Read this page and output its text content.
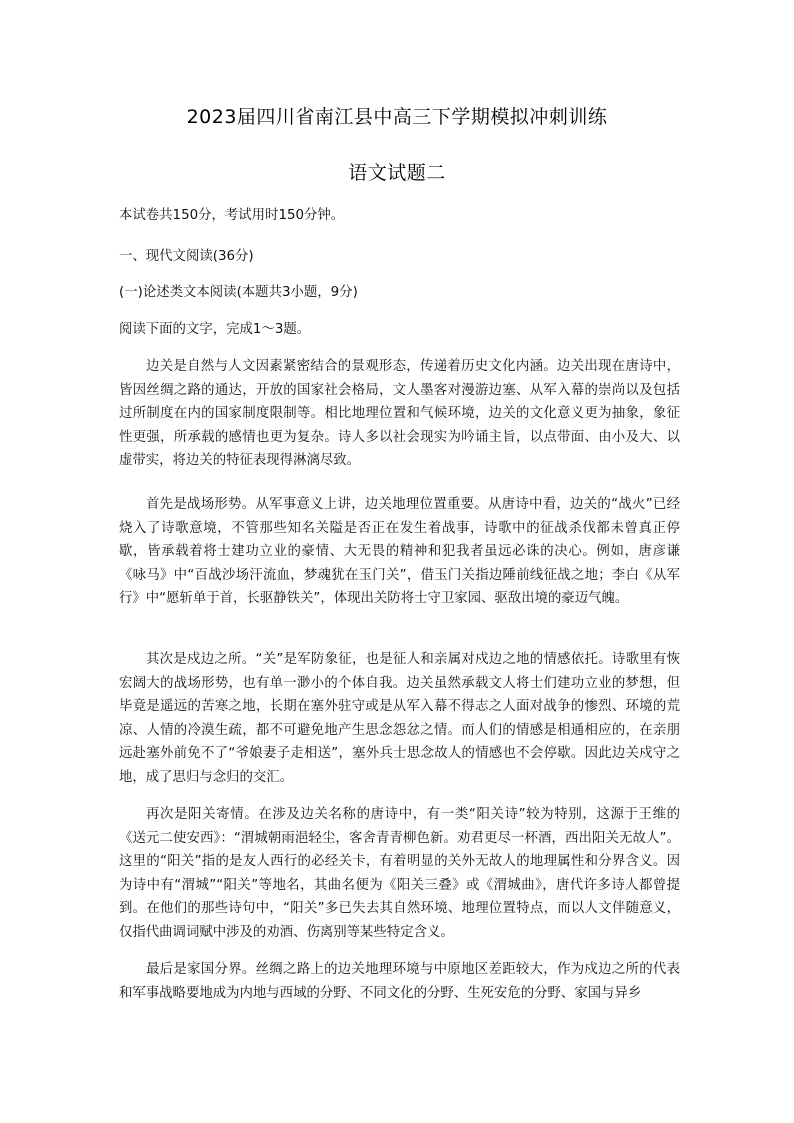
2023届四川省南江县中高三下学期模拟冲刺训练
语文试题二
本试卷共150分，考试用时150分钟。
一、现代文阅读(36分)
(一)论述类文本阅读(本题共3小题，9分)
阅读下面的文字，完成1～3题。
边关是自然与人文因素紧密结合的景观形态，传递着历史文化内涵。边关出现在唐诗中，皆因丝绸之路的通达，开放的国家社会格局，文人墨客对漫游边塞、从军入幕的崇尚以及包括过所制度在内的国家制度限制等。相比地理位置和气候环境，边关的文化意义更为抽象，象征性更强，所承载的感情也更为复杂。诗人多以社会现实为吟诵主旨，以点带面、由小及大、以虚带实，将边关的特征表现得淋漓尽致。
首先是战场形势。从军事意义上讲，边关地理位置重要。从唐诗中看，边关的“战火”已经烧入了诗歌意境，不管那些知名关隘是否正在发生着战事，诗歌中的征战杀伐都未曾真正停歇，皆承载着将士建功立业的豪情、大无畏的精神和犯我者虽远必诛的决心。例如，唐彦谦《咏马》中“百战沙场汗流血，梦魂犹在玉门关”，借玉门关指边陲前线征战之地；李白《从军行》中“愿斩单于首，长驱静铁关”，体现出关防将士守卫家园、驱敌出境的豪迈气魄。
其次是戍边之所。“关”是军防象征，也是征人和亲属对戍边之地的情感依托。诗歌里有恢宏阔大的战场形势，也有单一渺小的个体自我。边关虽然承载文人将士们建功立业的梦想，但毕竟是遥远的苦寒之地，长期在塞外驻守或是从军入幕不得志之人面对战争的惨烈、环境的荒凉、人情的冷漠生疏，都不可避免地产生思念怨忿之情。而人们的情感是相通相应的，在亲朋远赴塞外前免不了“爷娘妻子走相送”，塞外兵士思念故人的情感也不会停歇。因此边关戍守之地，成了思归与念归的交汇。
再次是阳关寄情。在涉及边关名称的唐诗中，有一类“阳关诗”较为特别，这源于王维的《送元二使安西》：“渭城朝雨浥轻尘，客舍青青柳色新。劝君更尽一杯酒，西出阳关无故人”。这里的“阳关”指的是友人西行的必经关卡，有着明显的关外无故人的地理属性和分界含义。因为诗中有“渭城”“阳关”等地名，其曲名便为《阳关三叠》或《渭城曲》，唐代许多诗人都曾提到。在他们的那些诗句中，“阳关”多已失去其自然环境、地理位置特点，而以人文伴随意义，仅指代曲调词赋中涉及的劝酒、伤离别等某些特定含义。
最后是家国分界。丝绸之路上的边关地理环境与中原地区差距较大，作为戍边之所的代表和军事战略要地成为内地与西域的分野、不同文化的分野、生死安危的分野、家国与异乡
